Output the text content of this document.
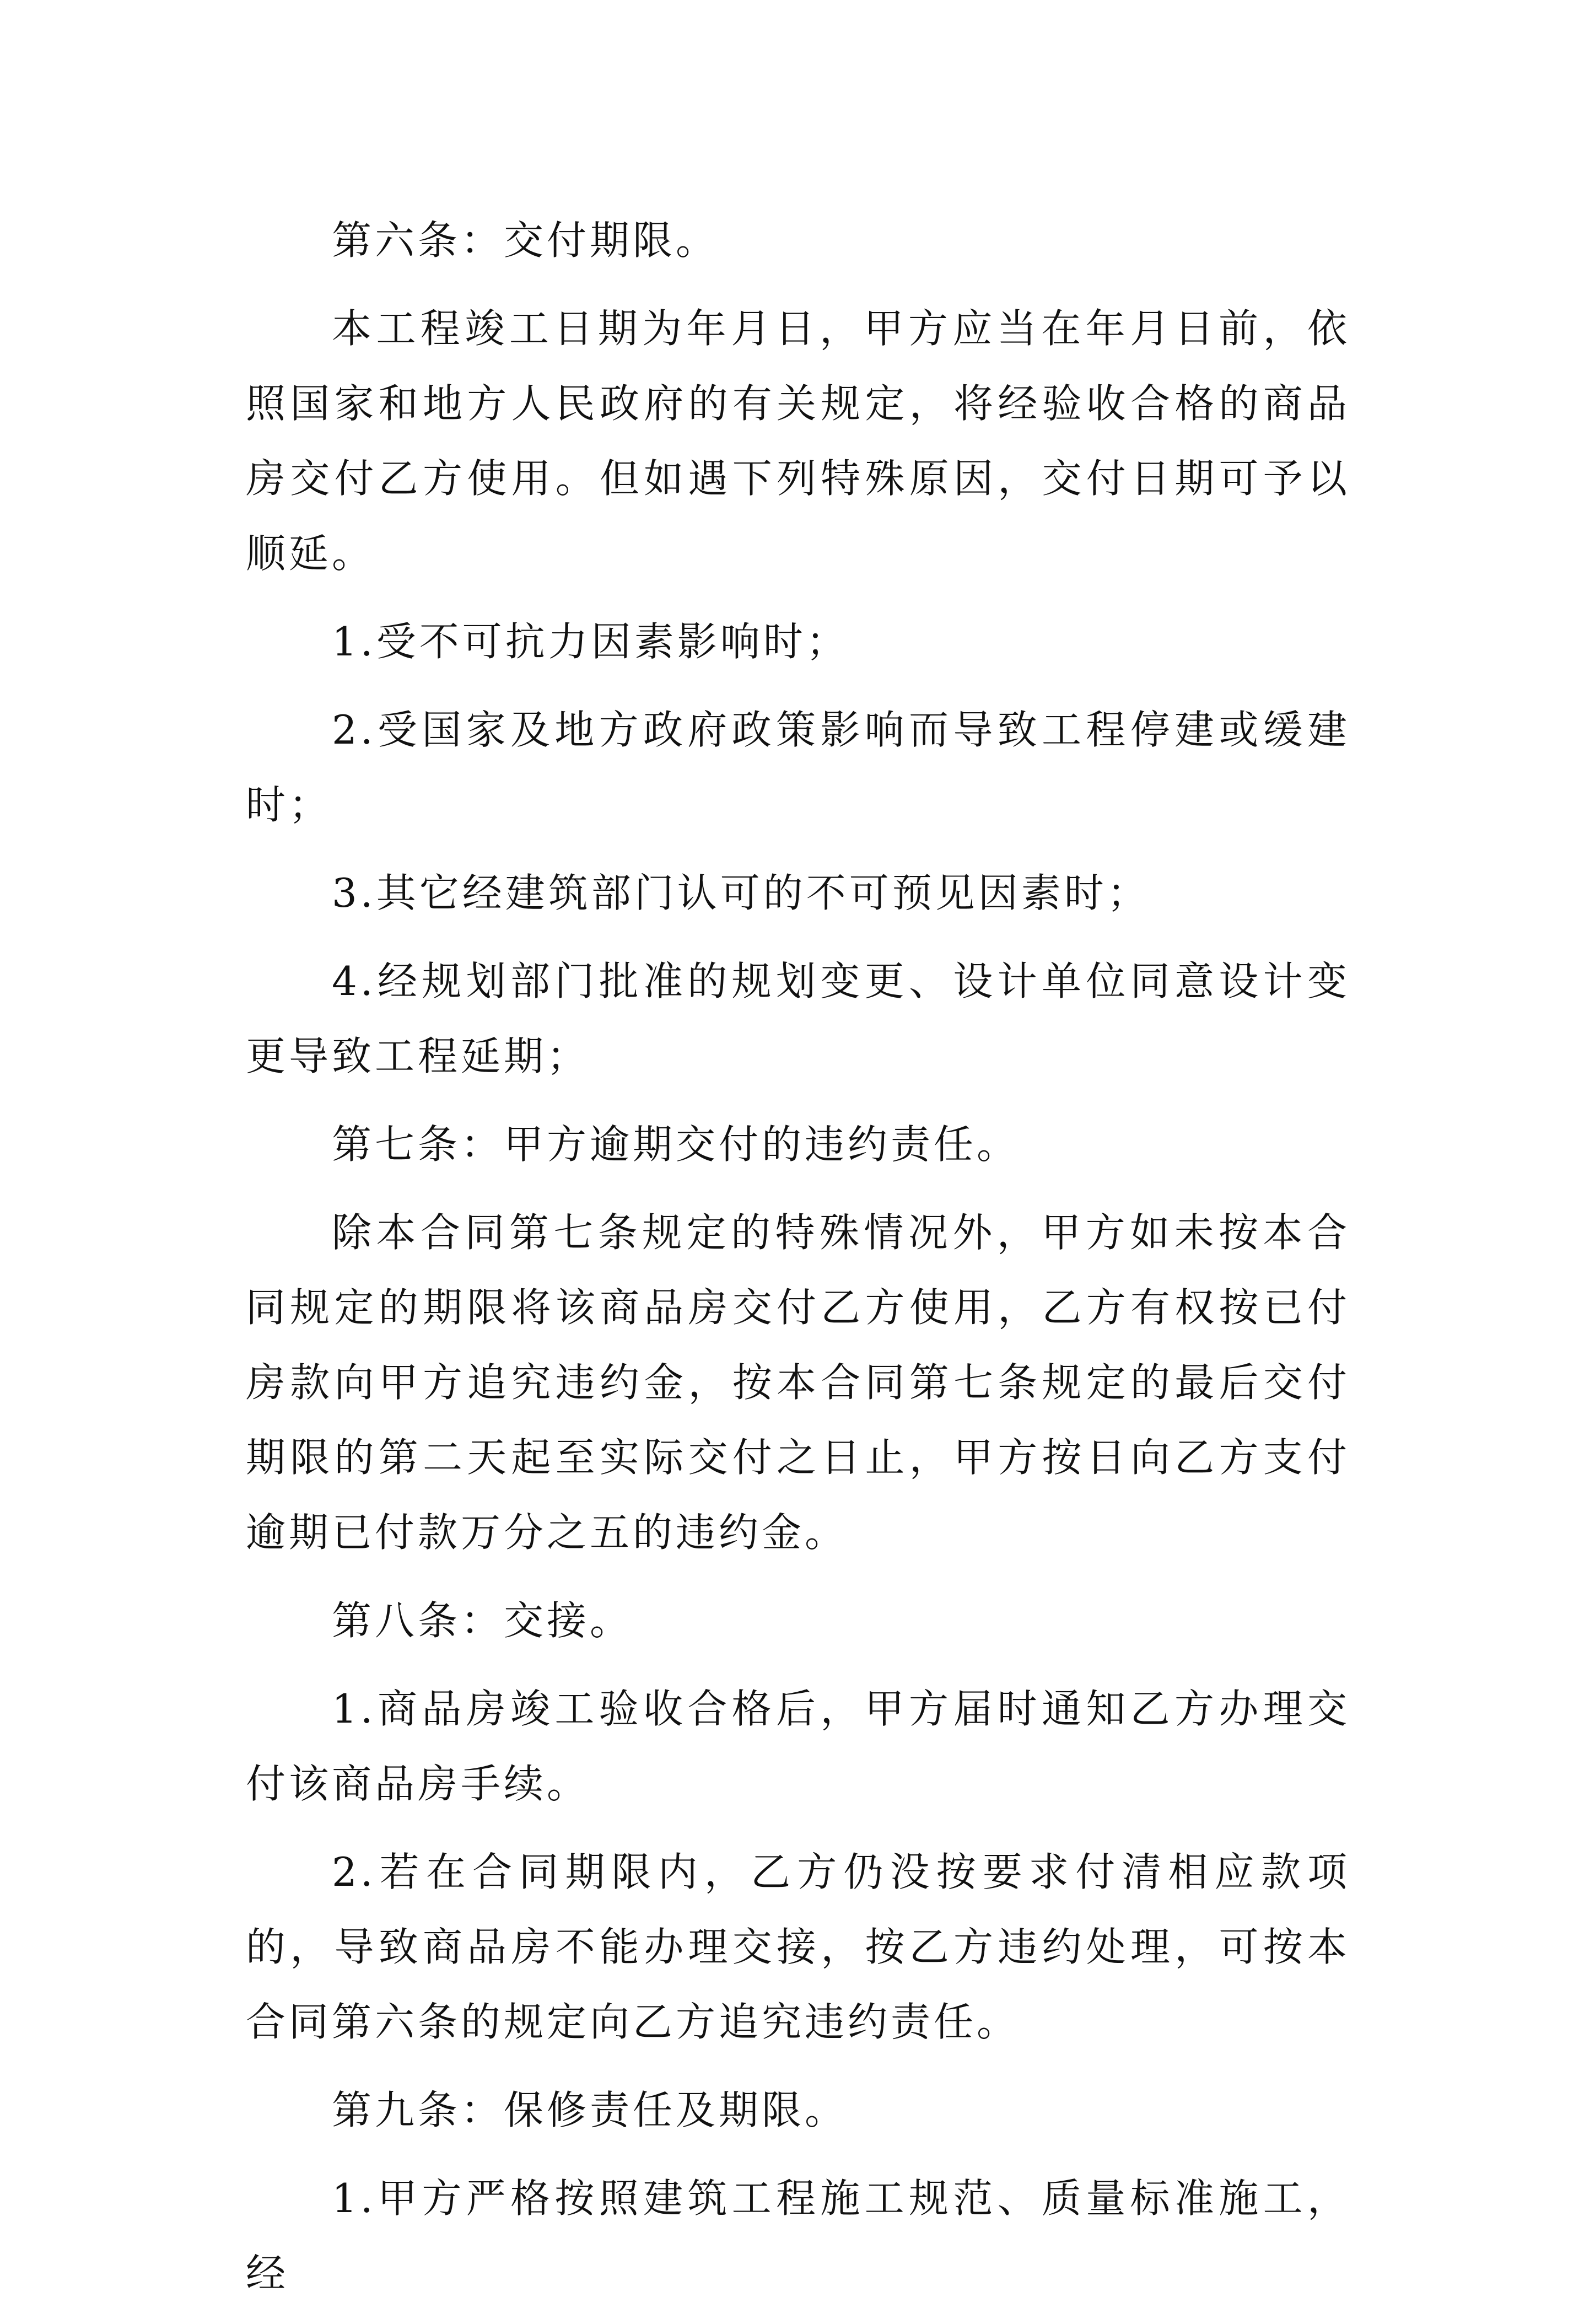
第六条：交付期限。

本工程竣工日期为年月日，甲方应当在年月日前，依照国家和地方人民政府的有关规定，将经验收合格的商品房交付乙方使用。但如遇下列特殊原因，交付日期可予以顺延。

1.受不可抗力因素影响时；

2.受国家及地方政府政策影响而导致工程停建或缓建时；

3.其它经建筑部门认可的不可预见因素时；

4.经规划部门批准的规划变更、设计单位同意设计变更导致工程延期；

第七条：甲方逾期交付的违约责任。

除本合同第七条规定的特殊情况外，甲方如未按本合同规定的期限将该商品房交付乙方使用，乙方有权按已付房款向甲方追究违约金，按本合同第七条规定的最后交付期限的第二天起至实际交付之日止，甲方按日向乙方支付逾期已付款万分之五的违约金。

第八条：交接。

1.商品房竣工验收合格后，甲方届时通知乙方办理交付该商品房手续。

2.若在合同期限内，乙方仍没按要求付清相应款项的，导致商品房不能办理交接，按乙方违约处理，可按本合同第六条的规定向乙方追究违约责任。

第九条：保修责任及期限。

1.甲方严格按照建筑工程施工规范、质量标准施工，经
